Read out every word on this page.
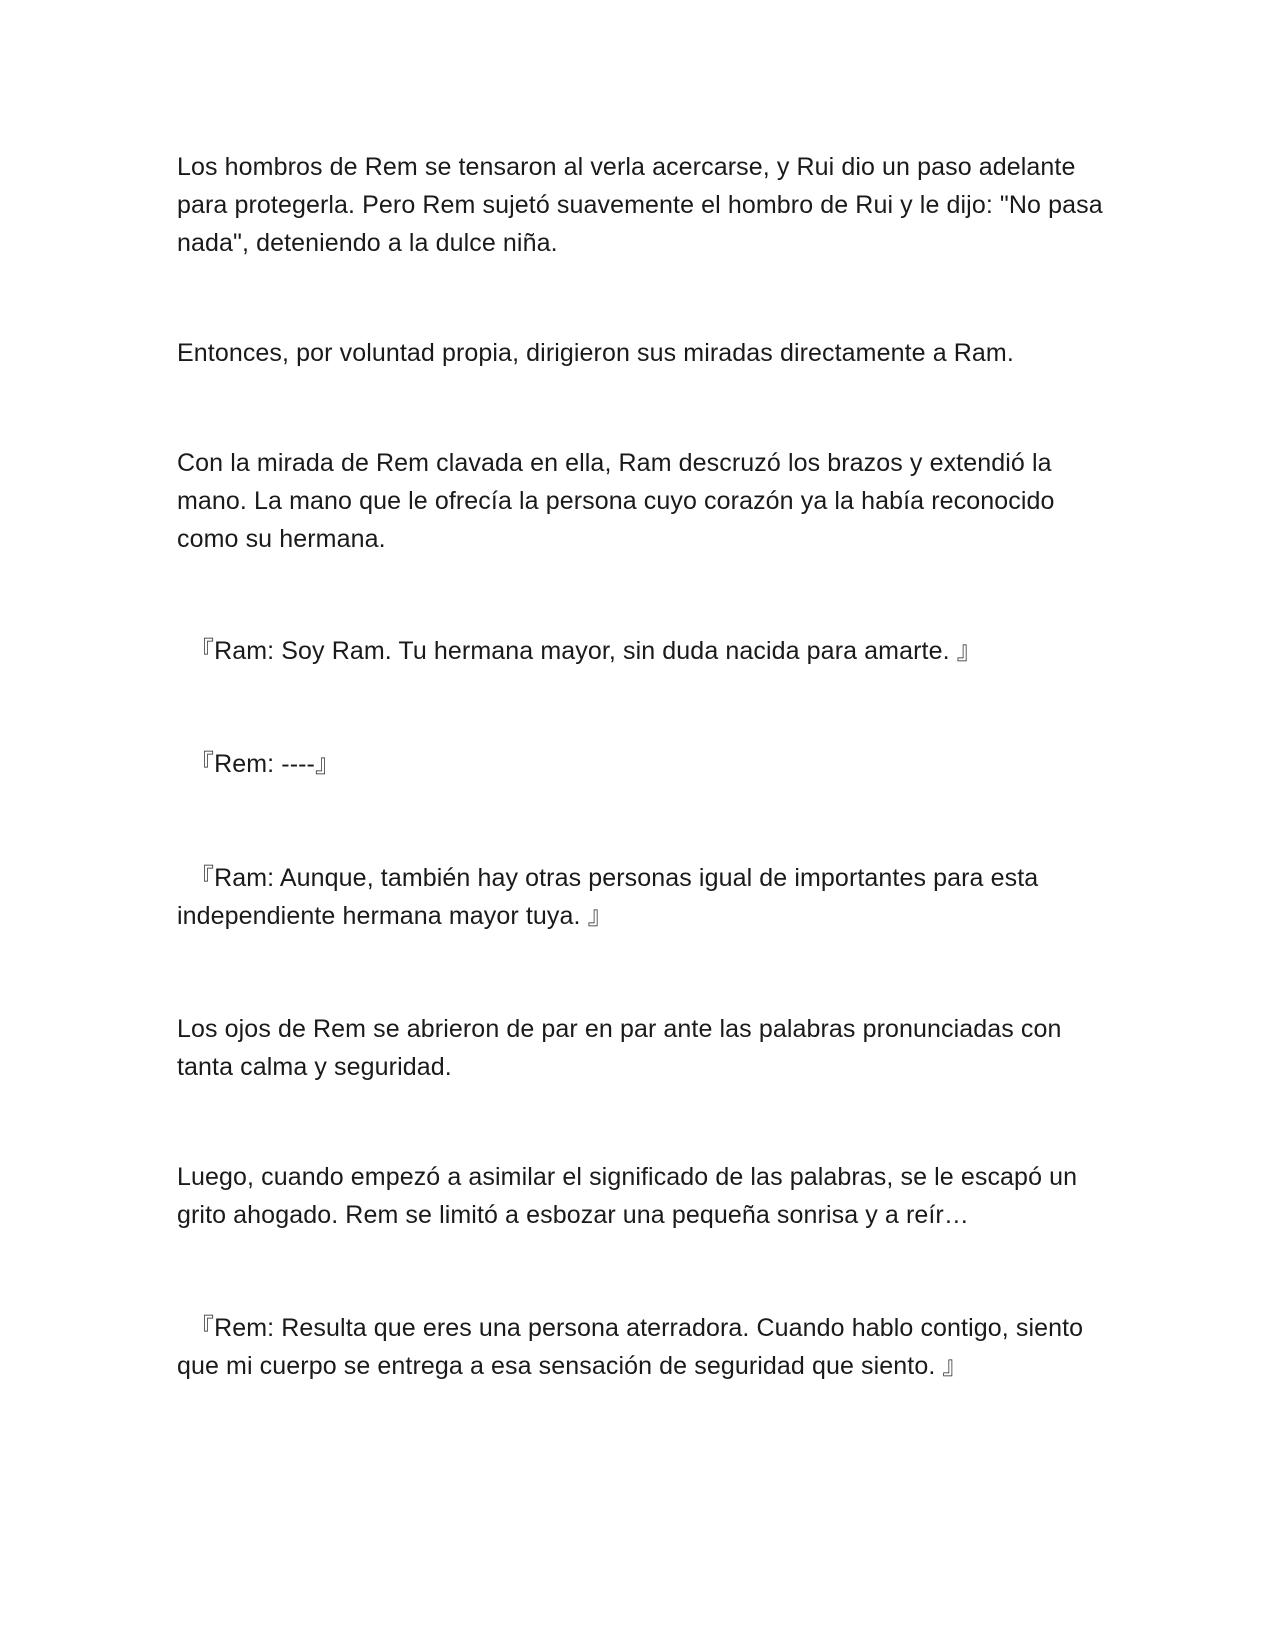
Los hombros de Rem se tensaron al verla acercarse, y Rui dio un paso adelante para protegerla. Pero Rem sujetó suavemente el hombro de Rui y le dijo: "No pasa nada", deteniendo a la dulce niña.

Entonces, por voluntad propia, dirigieron sus miradas directamente a Ram.

Con la mirada de Rem clavada en ella, Ram descruzó los brazos y extendió la mano. La mano que le ofrecía la persona cuyo corazón ya la había reconocido como su hermana.

『Ram: Soy Ram. Tu hermana mayor, sin duda nacida para amarte. 』

『Rem: ----』

『Ram: Aunque, también hay otras personas igual de importantes para esta independiente hermana mayor tuya. 』

Los ojos de Rem se abrieron de par en par ante las palabras pronunciadas con tanta calma y seguridad.

Luego, cuando empezó a asimilar el significado de las palabras, se le escapó un grito ahogado. Rem se limitó a esbozar una pequeña sonrisa y a reír…

『Rem: Resulta que eres una persona aterradora. Cuando hablo contigo, siento que mi cuerpo se entrega a esa sensación de seguridad que siento. 』
